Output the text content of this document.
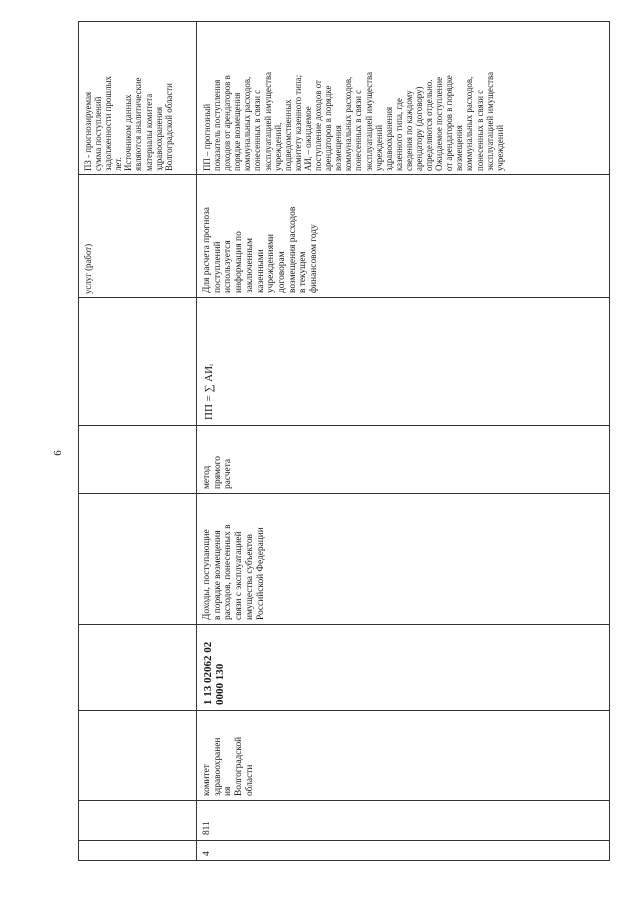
6
ПЗ - прогнозируемая
сумма поступлений
задолженности прошлых
лет.
Источником данных
являются аналитические
материалы комитета
здравоохранения
Волгоградской области
услуг (работ)
4
811
комитет
здравоохранен
ия
Волгоградской
области
1 13 02062 02
0000 130
Доходы, поступающие
в порядке возмещения
расходов, понесенных в
связи с эксплуатацией
имущества субъектов
Российской Федерации
метод
прямого
расчета
ПП = ∑ АИᵢ
Для расчета прогноза
поступлений
используется
информация по
заключенным
казенными
учреждениями
договорам
возмещения расходов
в текущем
финансовом году
ПП – прогнозный
показатель поступления
доходов от арендаторов в
порядке возмещения
коммунальных расходов,
понесенных в связи с
эксплуатацией имущества
учреждений,
подведомственных
комитету казенного типа;
АИᵢ – ожидаемое
поступление доходов от
арендаторов в порядке
возмещения
коммунальных расходов,
понесенных в связи с
эксплуатацией имущества
учреждений
здравоохранения
казенного типа, где
сведения по каждому
арендатору (договору)
определяются отдельно.
Ожидаемое поступление
от арендаторов в порядке
возмещения
коммунальных расходов,
понесенных в связи с
эксплуатацией имущества
учреждений
